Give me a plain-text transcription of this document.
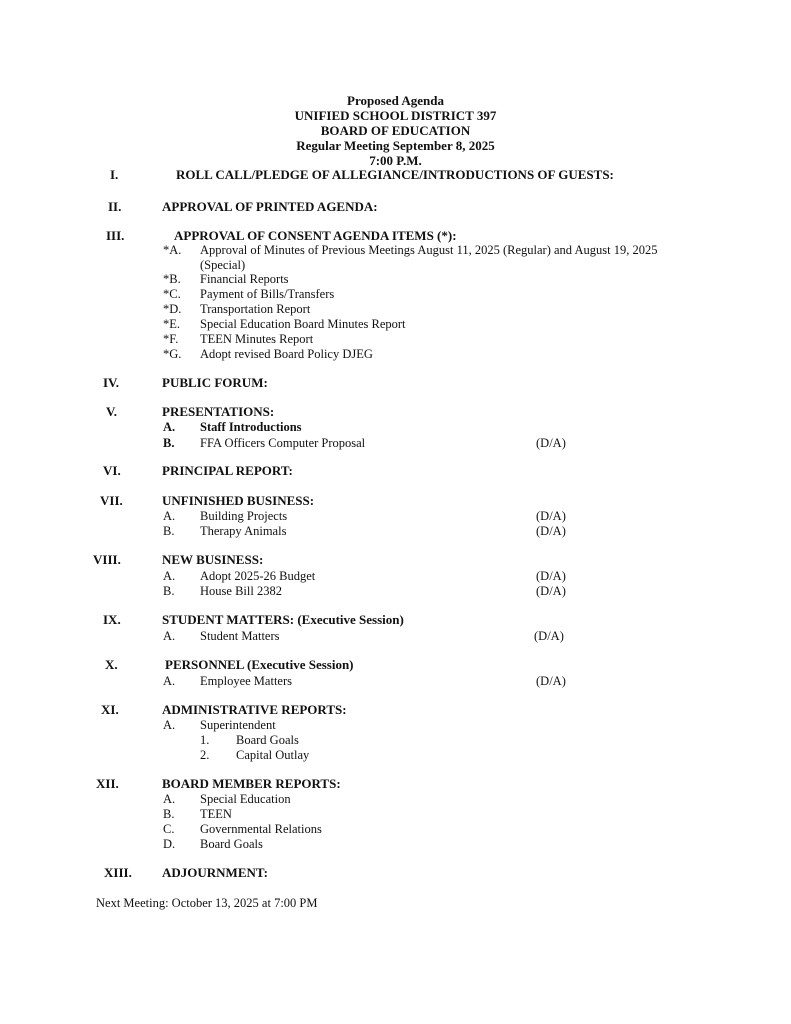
Proposed Agenda
UNIFIED SCHOOL DISTRICT 397
BOARD OF EDUCATION
Regular Meeting September 8, 2025
7:00 P.M.
I.	ROLL CALL/PLEDGE OF ALLEGIANCE/INTRODUCTIONS OF GUESTS:
II.	APPROVAL OF PRINTED AGENDA:
III.	APPROVAL OF CONSENT AGENDA ITEMS (*):
*A. Approval of Minutes of Previous Meetings August 11, 2025 (Regular) and August 19, 2025 (Special)
*B. Financial Reports
*C. Payment of Bills/Transfers
*D. Transportation Report
*E. Special Education Board Minutes Report
*F. TEEN Minutes Report
*G. Adopt revised Board Policy DJEG
IV.	PUBLIC FORUM:
V.	PRESENTATIONS:
A. Staff Introductions
B. FFA Officers Computer Proposal	(D/A)
VI.	PRINCIPAL REPORT:
VII.	UNFINISHED BUSINESS:
A. Building Projects	(D/A)
B. Therapy Animals	(D/A)
VIII.	NEW BUSINESS:
A. Adopt 2025-26 Budget	(D/A)
B. House Bill 2382	(D/A)
IX.	STUDENT MATTERS: (Executive Session)
A. Student Matters	(D/A)
X.	PERSONNEL (Executive Session)
A. Employee Matters	(D/A)
XI.	ADMINISTRATIVE REPORTS:
A. Superintendent
1. Board Goals
2. Capital Outlay
XII.	BOARD MEMBER REPORTS:
A. Special Education
B. TEEN
C. Governmental Relations
D. Board Goals
XIII. ADJOURNMENT:
Next Meeting: October 13, 2025 at 7:00 PM
